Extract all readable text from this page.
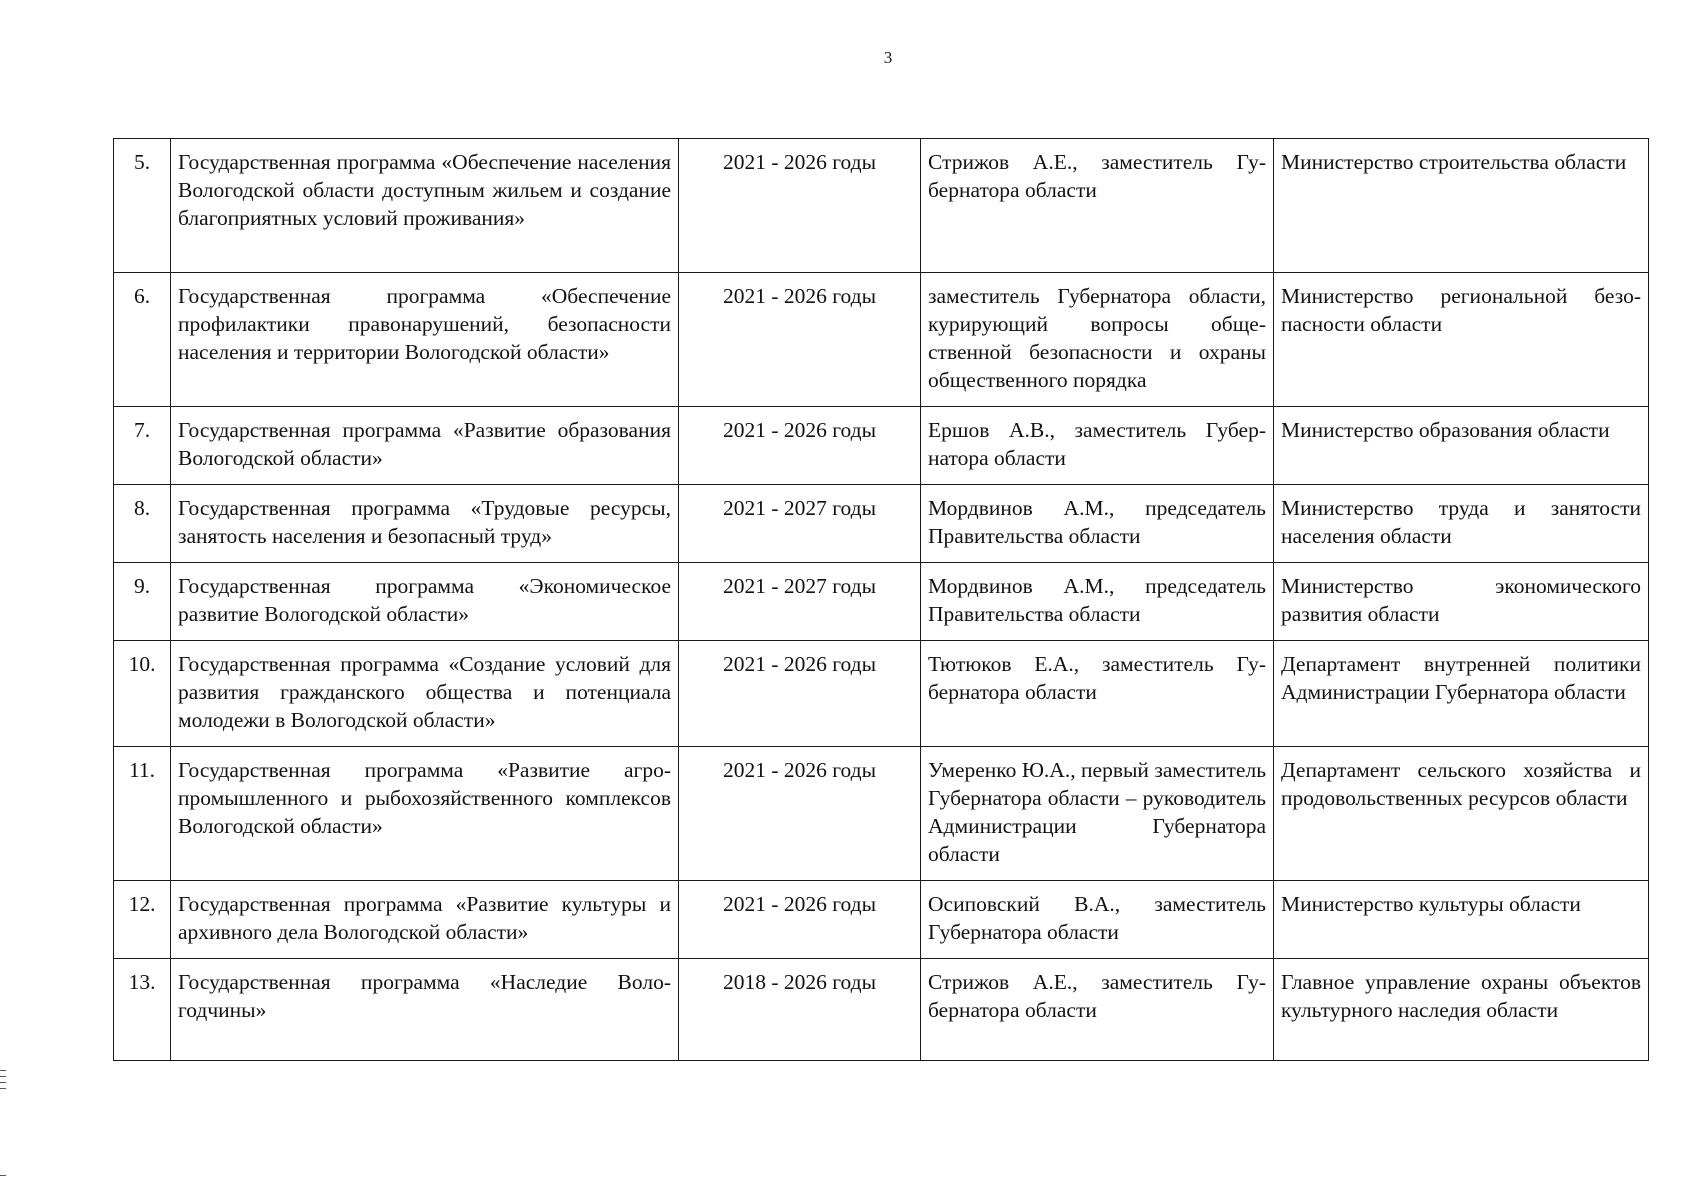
3
5.	Государственная программа «Обеспечение населения Вологодской области доступным жильем и создание благоприятных условий проживания»	2021 - 2026 годы	Стрижов А.Е., заместитель Губернатора области	Министерство строительства области
6.	Государственная программа «Обеспечение профилактики правонарушений, безопасности населения и территории Вологодской области»	2021 - 2026 годы	заместитель Губернатора области, курирующий вопросы общественной безопасности и охраны общественного порядка	Министерство региональной безопасности области
7.	Государственная программа «Развитие образования Вологодской области»	2021 - 2026 годы	Ершов А.В., заместитель Губернатора области	Министерство образования области
8.	Государственная программа «Трудовые ресурсы, занятость населения и безопасный труд»	2021 - 2027 годы	Мордвинов А.М., председатель Правительства области	Министерство труда и занятости населения области
9.	Государственная программа «Экономическое развитие Вологодской области»	2021 - 2027 годы	Мордвинов А.М., председатель Правительства области	Министерство экономического развития области
10.	Государственная программа «Создание условий для развития гражданского общества и потенциала молодежи в Вологодской области»	2021 - 2026 годы	Тютюков Е.А., заместитель Губернатора области	Департамент внутренней политики Администрации Губернатора области
11.	Государственная программа «Развитие агропромышленного и рыбохозяйственного комплексов Вологодской области»	2021 - 2026 годы	Умеренко Ю.А., первый заместитель Губернатора области – руководитель Администрации Губернатора области	Департамент сельского хозяйства и продовольственных ресурсов области
12.	Государственная программа «Развитие культуры и архивного дела Вологодской области»	2021 - 2026 годы	Осиповский В.А., заместитель Губернатора области	Министерство культуры области
13.	Государственная программа «Наследие Вологодчины»	2018 - 2026 годы	Стрижов А.Е., заместитель Губернатора области	Главное управление охраны объектов культурного наследия области
